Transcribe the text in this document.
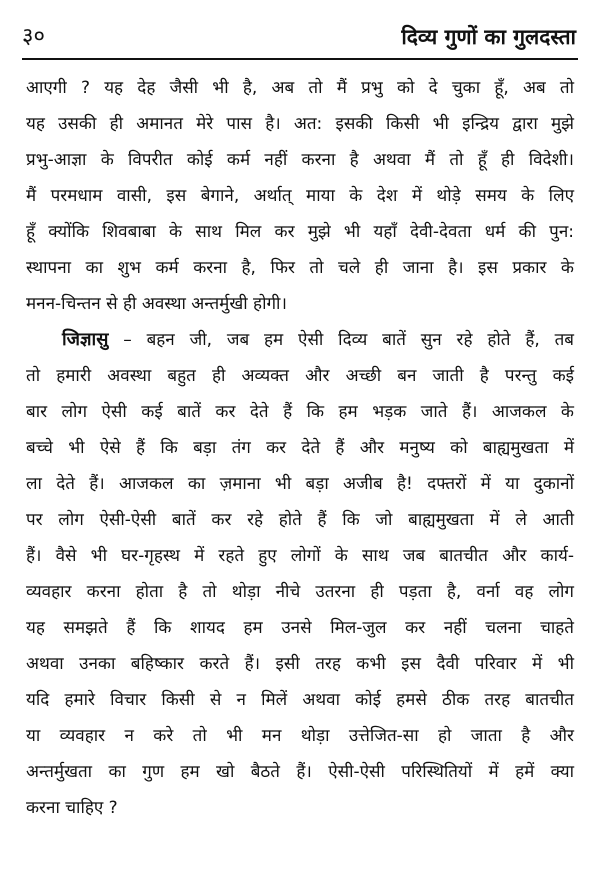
३०	दिव्य गुणों का गुलदस्ता
आएगी ? यह देह जैसी भी है, अब तो मैं प्रभु को दे चुका हूँ, अब तो
यह उसकी ही अमानत मेरे पास है। अत: इसकी किसी भी इन्द्रिय द्वारा मुझे
प्रभु-आज्ञा के विपरीत कोई कर्म नहीं करना है अथवा मैं तो हूँ ही विदेशी।
मैं परमधाम वासी, इस बेगाने, अर्थात् माया के देश में थोड़े समय के लिए
हूँ क्योंकि शिवबाबा के साथ मिल कर मुझे भी यहाँ देवी-देवता धर्म की पुन:
स्थापना का शुभ कर्म करना है, फिर तो चले ही जाना है। इस प्रकार के
मनन-चिन्तन से ही अवस्था अन्तर्मुखी होगी।
जिज्ञासु – बहन जी, जब हम ऐसी दिव्य बातें सुन रहे होते हैं, तब
तो हमारी अवस्था बहुत ही अव्यक्त और अच्छी बन जाती है परन्तु कई
बार लोग ऐसी कई बातें कर देते हैं कि हम भड़क जाते हैं। आजकल के
बच्चे भी ऐसे हैं कि बड़ा तंग कर देते हैं और मनुष्य को बाह्यमुखता में
ला देते हैं। आजकल का ज़माना भी बड़ा अजीब है! दफ्तरों में या दुकानों
पर लोग ऐसी-ऐसी बातें कर रहे होते हैं कि जो बाह्यमुखता में ले आती
हैं। वैसे भी घर-गृहस्थ में रहते हुए लोगों के साथ जब बातचीत और कार्य-
व्यवहार करना होता है तो थोड़ा नीचे उतरना ही पड़ता है, वर्ना वह लोग
यह समझते हैं कि शायद हम उनसे मिल-जुल कर नहीं चलना चाहते
अथवा उनका बहिष्कार करते हैं। इसी तरह कभी इस दैवी परिवार में भी
यदि हमारे विचार किसी से न मिलें अथवा कोई हमसे ठीक तरह बातचीत
या व्यवहार न करे तो भी मन थोड़ा उत्तेजित-सा हो जाता है और
अन्तर्मुखता का गुण हम खो बैठते हैं। ऐसी-ऐसी परिस्थितियों में हमें क्या
करना चाहिए ?
